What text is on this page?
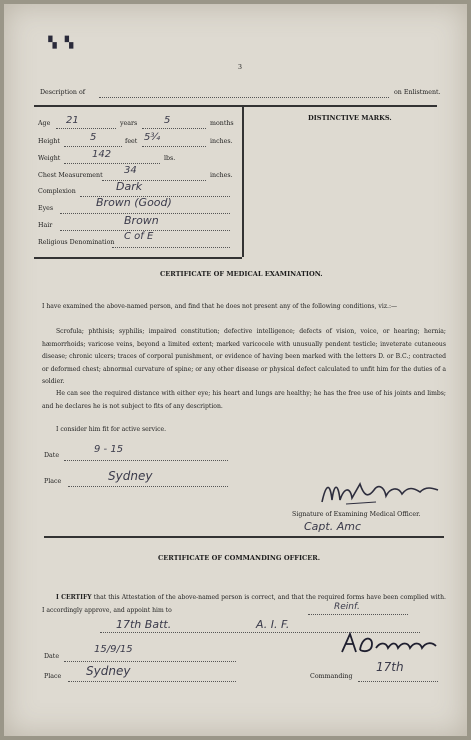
▝▖ ▚
3
Description of	on Enlistment.
DISTINCTIVE MARKS.
Age 21	years	5	months
Height	5	feet 5¾	inches.
Weight	142	lbs.
Chest Measurement 34	inches.
Complexion	Dark
Eyes	Brown (Good)
Hair	Brown
Religious Denomination
C of E
CERTIFICATE OF MEDICAL EXAMINATION.
I have examined the above-named person, and find that he does not present any of the following conditions, viz.:—
Scrofula; phthisis; syphilis; impaired constitution; defective intelligence; defects of vision, voice, or hearing; hernia; hæmorrhoids; varicose veins, beyond a limited extent; marked varicocele with unusually pendent testicle; inveterate cutaneous disease; chronic ulcers; traces of corporal punishment, or evidence of having been marked with the letters D. or B.C.; contracted or deformed chest; abnormal curvature of spine; or any other disease or physical defect calculated to unfit him for the duties of a soldier.
He can see the required distance with either eye; his heart and lungs are healthy; he has the free use of his joints and limbs; and he declares he is not subject to fits of any description.
I consider him fit for active service.
Date
9 - 15
Place	Sydney
Signature of Examining Medical Officer.
Capt. Amc
CERTIFICATE OF COMMANDING OFFICER.
I CERTIFY that this Attestation of the above-named person is correct, and that the required forms have been complied with. I accordingly approve, and appoint him to	Reinf.
17th Batt.	A. I. F.
Date
15/9/15
Place Sydney	Commanding
17th
